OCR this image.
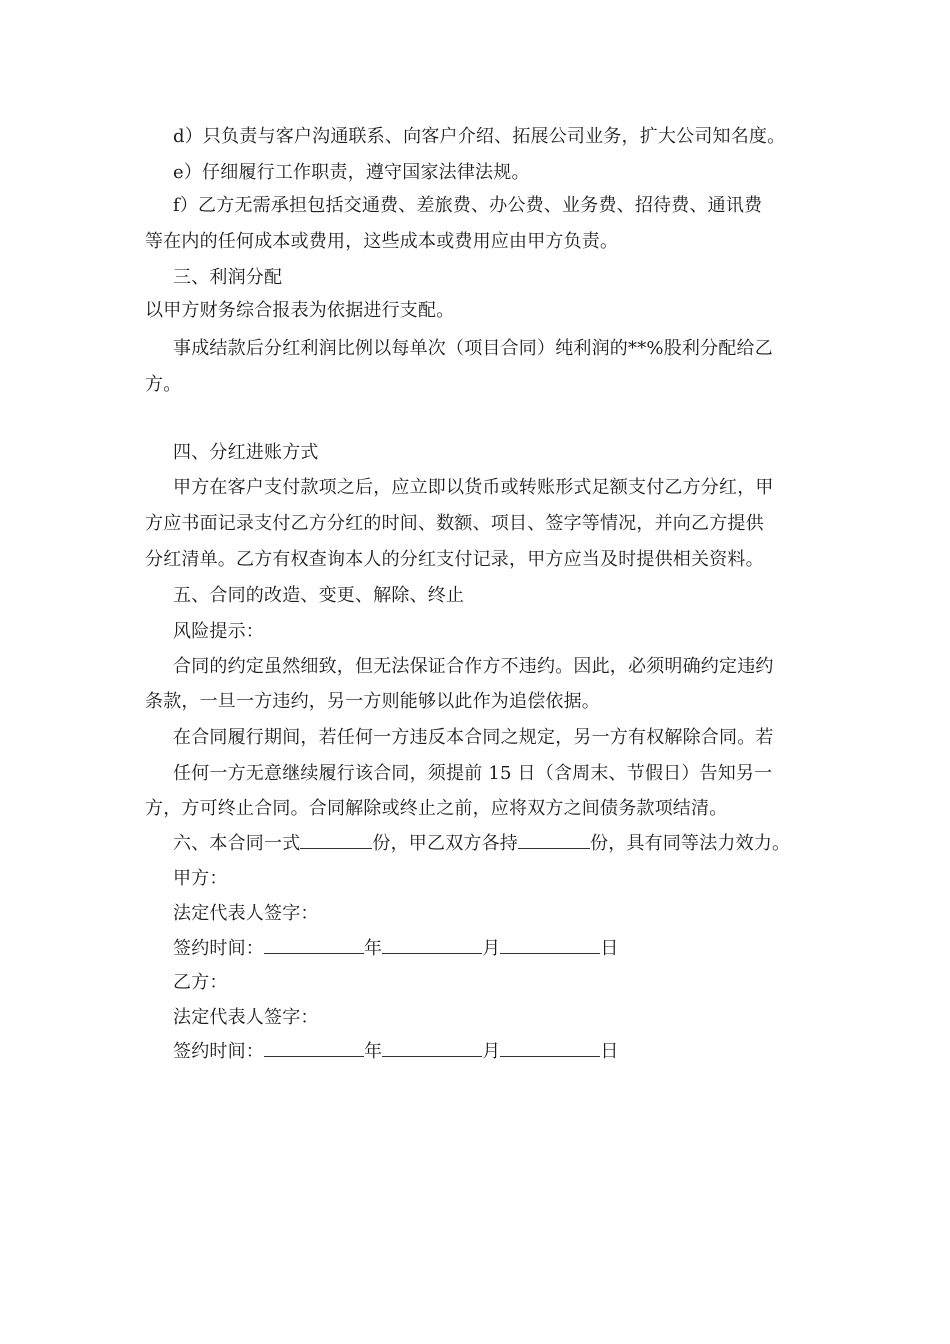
d）只负责与客户沟通联系、向客户介绍、拓展公司业务，扩大公司知名度。
e）仔细履行工作职责，遵守国家法律法规。
f）乙方无需承担包括交通费、差旅费、办公费、业务费、招待费、通讯费
等在内的任何成本或费用，这些成本或费用应由甲方负责。
三、利润分配
以甲方财务综合报表为依据进行支配。
事成结款后分红利润比例以每单次（项目合同）纯利润的**%股利分配给乙
方。
四、分红进账方式
甲方在客户支付款项之后，应立即以货币或转账形式足额支付乙方分红，甲
方应书面记录支付乙方分红的时间、数额、项目、签字等情况，并向乙方提供
分红清单。乙方有权查询本人的分红支付记录，甲方应当及时提供相关资料。
五、合同的改造、变更、解除、终止
风险提示：
合同的约定虽然细致，但无法保证合作方不违约。因此，必须明确约定违约
条款，一旦一方违约，另一方则能够以此作为追偿依据。
在合同履行期间，若任何一方违反本合同之规定，另一方有权解除合同。若
任何一方无意继续履行该合同，须提前 15 日（含周末、节假日）告知另一
方，方可终止合同。合同解除或终止之前，应将双方之间债务款项结清。
六、本合同一式	份，甲乙双方各持	份，具有同等法力效力。
甲方：
法定代表人签字：
签约时间：	年	月	日
乙方：
法定代表人签字：
签约时间：	年	月	日
